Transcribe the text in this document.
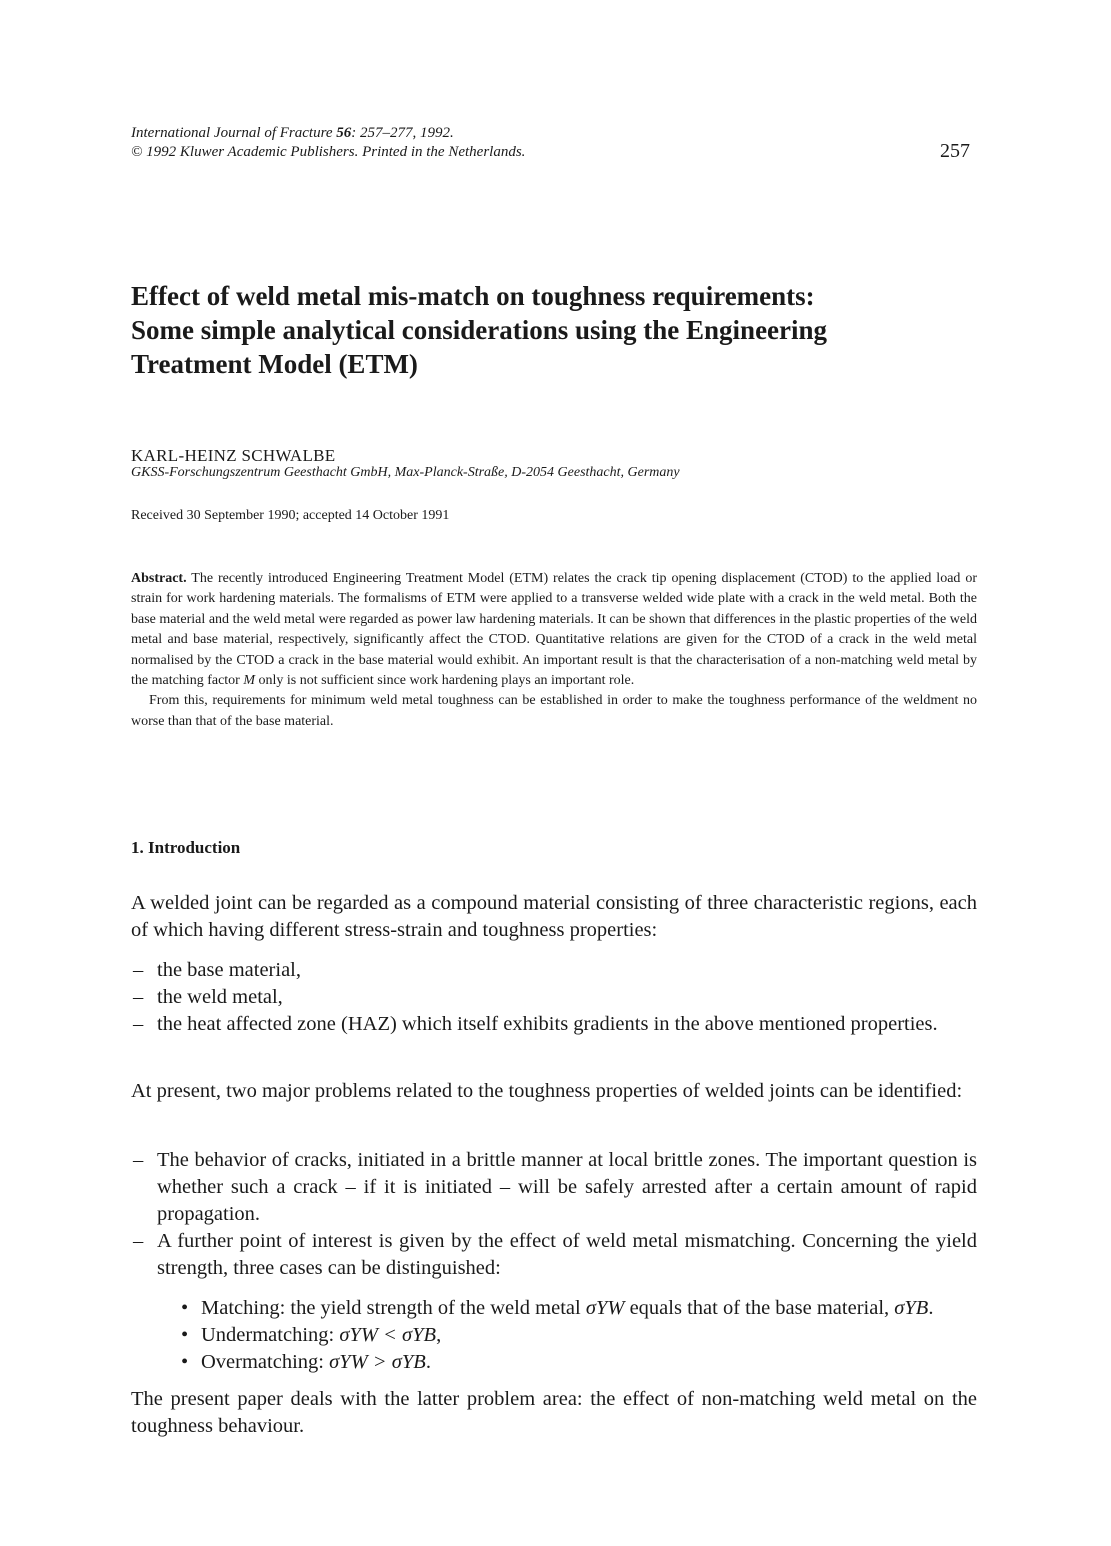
International Journal of Fracture 56: 257–277, 1992.
© 1992 Kluwer Academic Publishers. Printed in the Netherlands.	257
Effect of weld metal mis-match on toughness requirements:
Some simple analytical considerations using the Engineering
Treatment Model (ETM)
KARL-HEINZ SCHWALBE
GKSS-Forschungszentrum Geesthacht GmbH, Max-Planck-Straße, D-2054 Geesthacht, Germany
Received 30 September 1990; accepted 14 October 1991

Abstract. The recently introduced Engineering Treatment Model (ETM) relates the crack tip opening displacement (CTOD) to the applied load or strain for work hardening materials. The formalisms of ETM were applied to a transverse welded wide plate with a crack in the weld metal. Both the base material and the weld metal were regarded as power law hardening materials. It can be shown that differences in the plastic properties of the weld metal and base material, respectively, significantly affect the CTOD. Quantitative relations are given for the CTOD of a crack in the weld metal normalised by the CTOD a crack in the base material would exhibit. An important result is that the characterisation of a non-matching weld metal by the matching factor M only is not sufficient since work hardening plays an important role.

From this, requirements for minimum weld metal toughness can be established in order to make the toughness performance of the weldment no worse than that of the base material.

1. Introduction

A welded joint can be regarded as a compound material consisting of three characteristic regions, each of which having different stress-strain and toughness properties:

– the base material,
– the weld metal,
– the heat affected zone (HAZ) which itself exhibits gradients in the above mentioned properties.

At present, two major problems related to the toughness properties of welded joints can be identified:

– The behavior of cracks, initiated in a brittle manner at local brittle zones. The important question is whether such a crack – if it is initiated – will be safely arrested after a certain amount of rapid propagation.
– A further point of interest is given by the effect of weld metal mismatching. Concerning the yield strength, three cases can be distinguished:
• Matching: the yield strength of the weld metal σYW equals that of the base material, σYB.
• Undermatching: σYW < σYB,
• Overmatching: σYW > σYB.

The present paper deals with the latter problem area: the effect of non-matching weld metal on the toughness behaviour.
